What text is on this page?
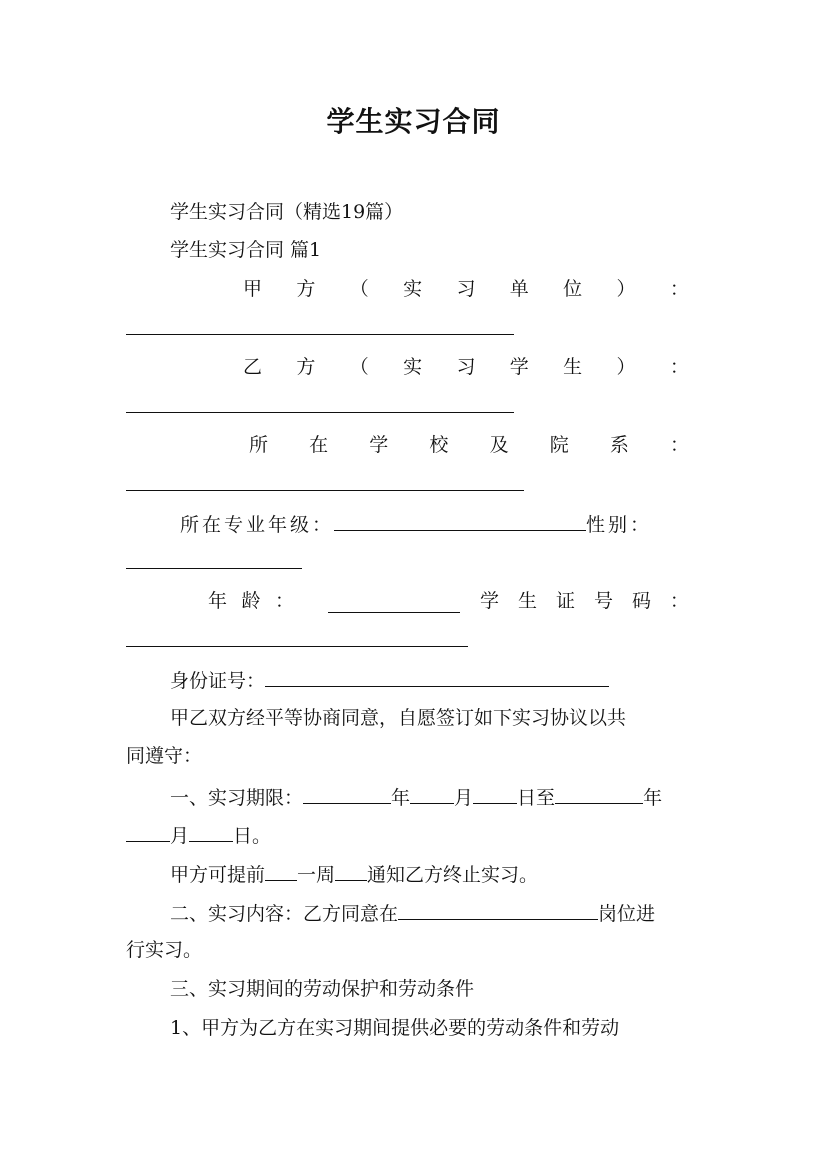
学生实习合同
学生实习合同（精选19篇）
学生实习合同 篇1
甲 方 （ 实 习 单 位 ） ：
乙 方 （ 实 习 学 生 ） ：
所 在 学 校 及 院 系 ：
所在专业年级：	性别：
年 龄 ：	学 生 证 号 码 ：
身份证号：
甲乙双方经平等协商同意，自愿签订如下实习协议以共
同遵守：
一、实习期限：	年 月 日至	年
月 日。
甲方可提前 一周 通知乙方终止实习。
二、实习内容：乙方同意在	岗位进
行实习。
三、实习期间的劳动保护和劳动条件
1、甲方为乙方在实习期间提供必要的劳动条件和劳动
